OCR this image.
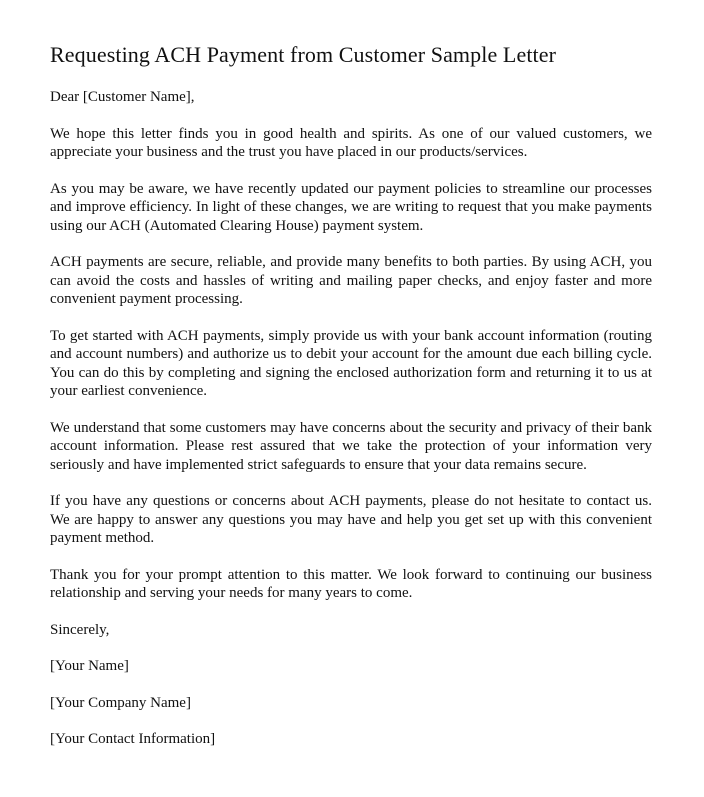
Requesting ACH Payment from Customer Sample Letter
Dear [Customer Name],
We hope this letter finds you in good health and spirits. As one of our valued customers, we appreciate your business and the trust you have placed in our products/services.
As you may be aware, we have recently updated our payment policies to streamline our processes and improve efficiency. In light of these changes, we are writing to request that you make payments using our ACH (Automated Clearing House) payment system.
ACH payments are secure, reliable, and provide many benefits to both parties. By using ACH, you can avoid the costs and hassles of writing and mailing paper checks, and enjoy faster and more convenient payment processing.
To get started with ACH payments, simply provide us with your bank account information (routing and account numbers) and authorize us to debit your account for the amount due each billing cycle. You can do this by completing and signing the enclosed authorization form and returning it to us at your earliest convenience.
We understand that some customers may have concerns about the security and privacy of their bank account information. Please rest assured that we take the protection of your information very seriously and have implemented strict safeguards to ensure that your data remains secure.
If you have any questions or concerns about ACH payments, please do not hesitate to contact us. We are happy to answer any questions you may have and help you get set up with this convenient payment method.
Thank you for your prompt attention to this matter. We look forward to continuing our business relationship and serving your needs for many years to come.
Sincerely,
[Your Name]
[Your Company Name]
[Your Contact Information]
